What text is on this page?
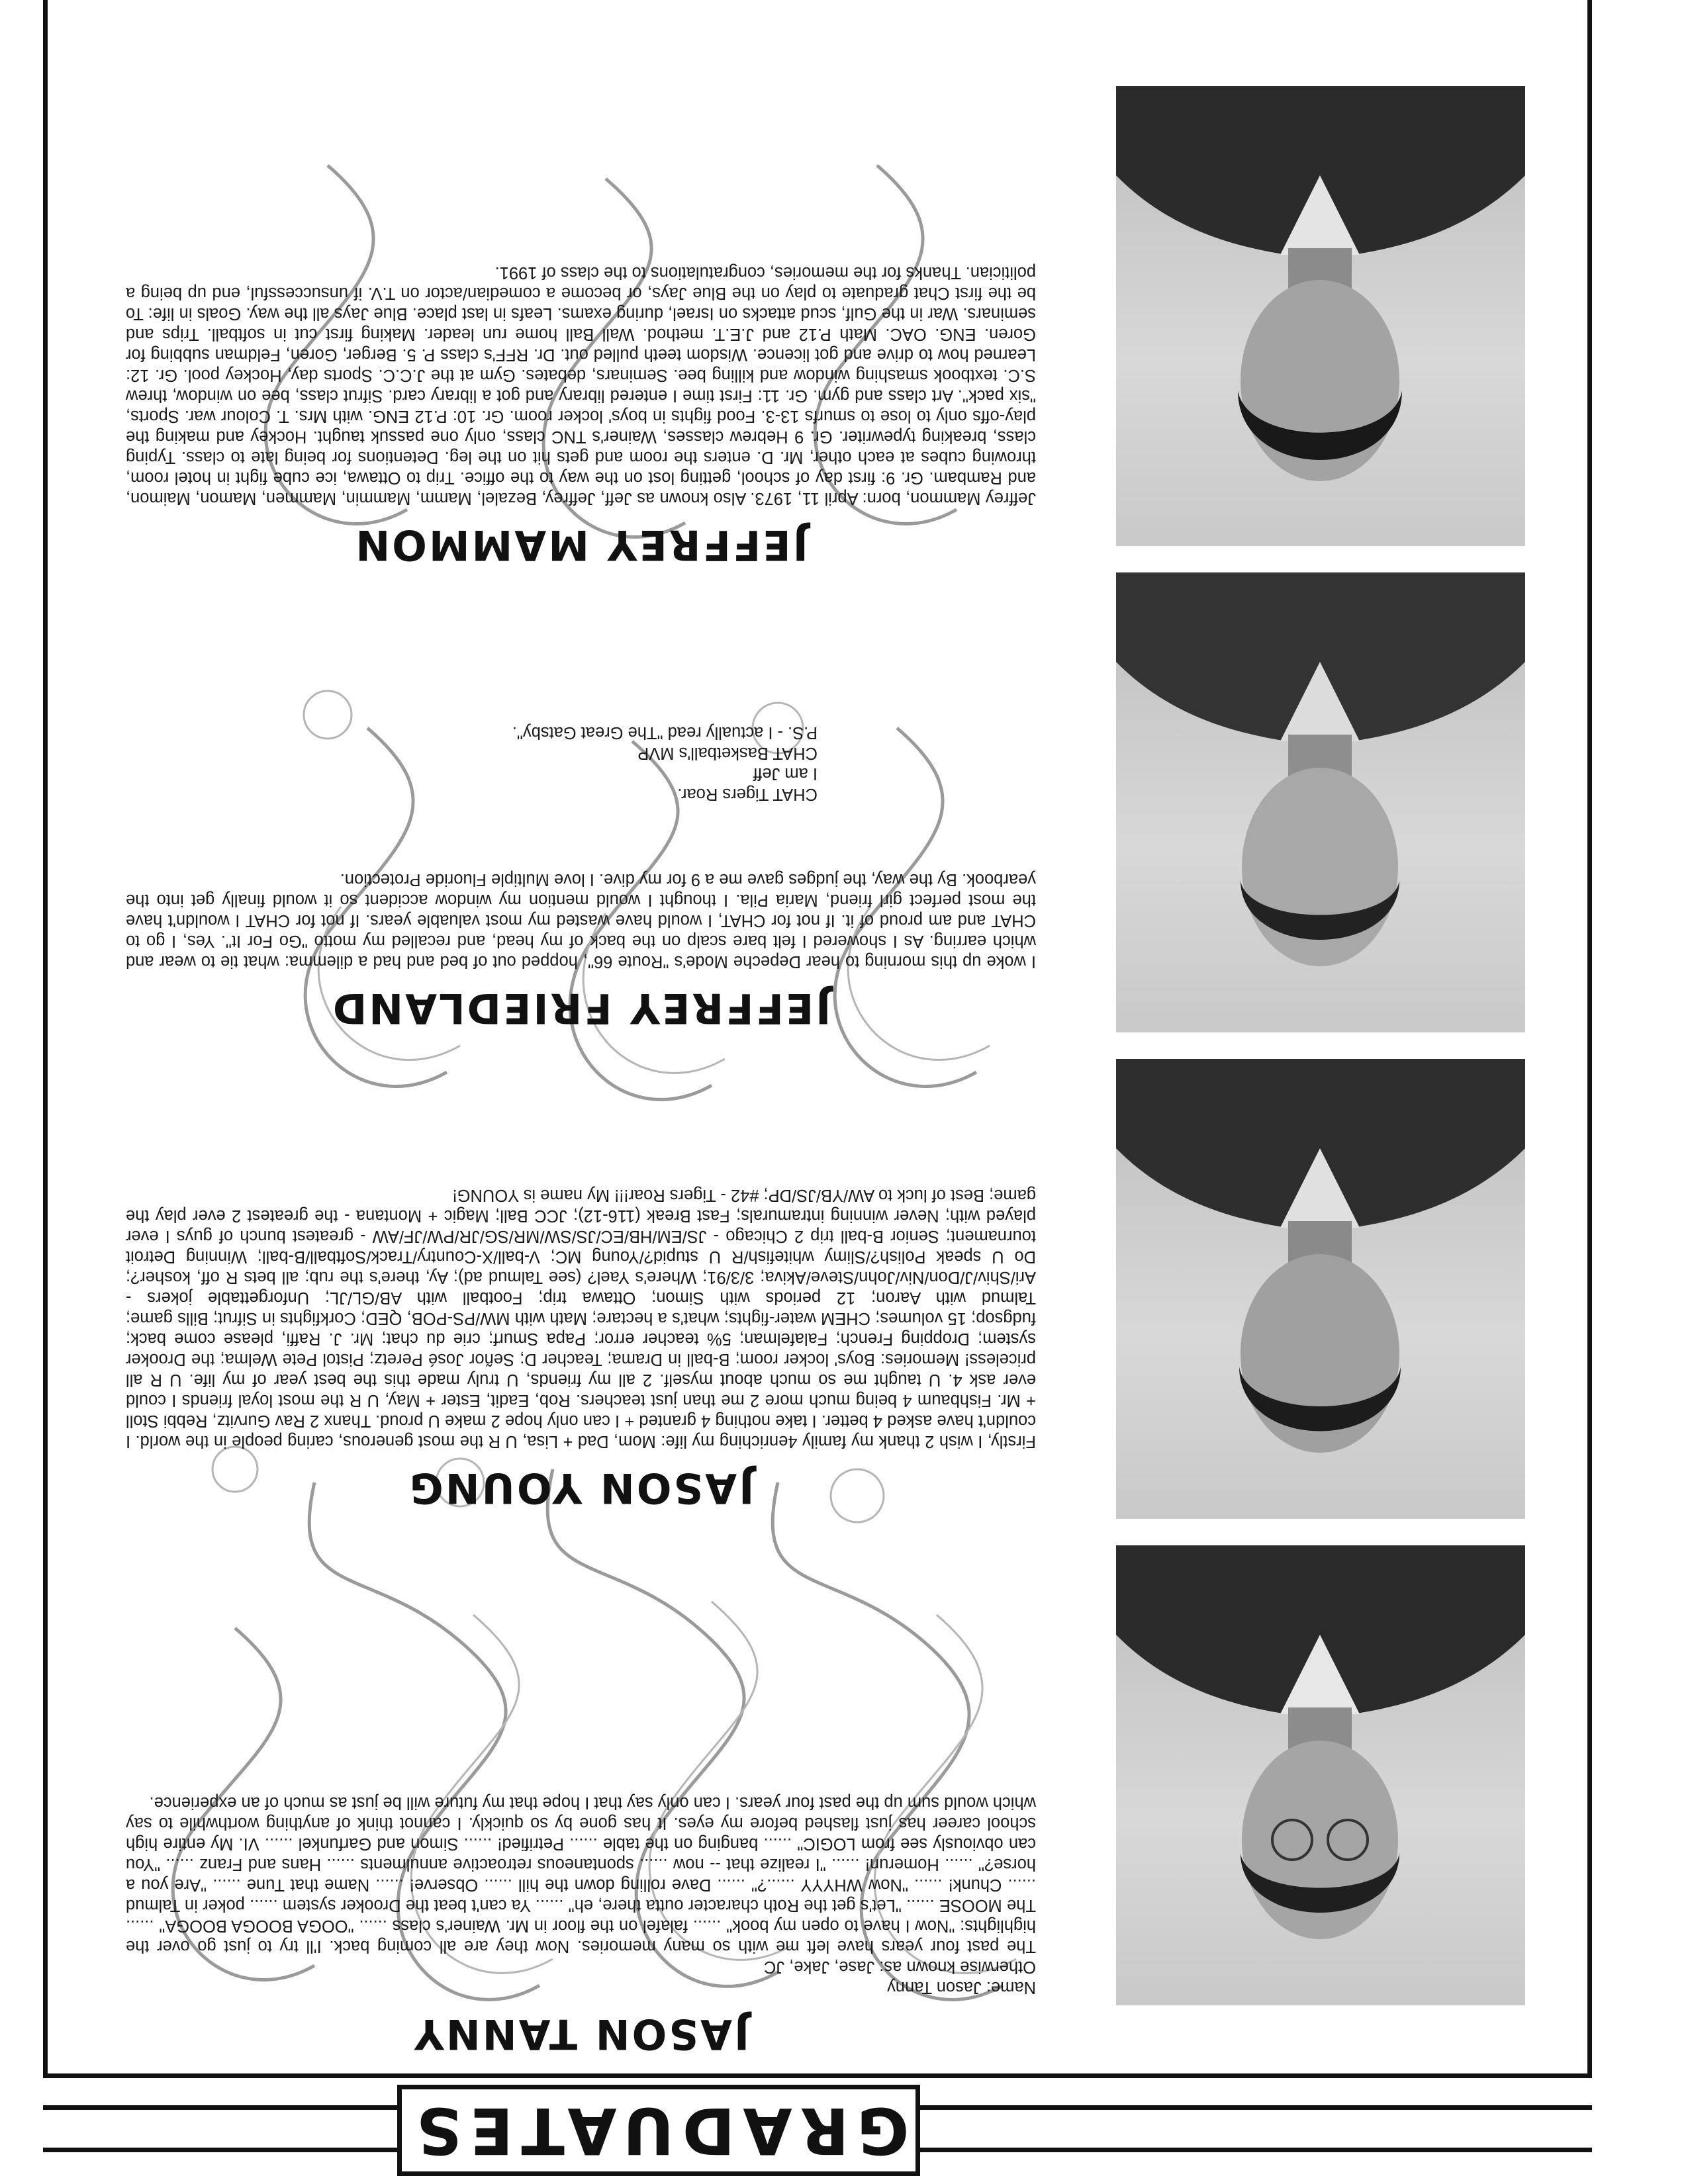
GRADUATES
JASON TANNY
Name: Jason Tanny
Otherwise known as: Jase, Jake, JC
The past four years have left me with so many memories. Now they are all coming back. I'll try to just go over the highlights: "Now I have to open my book" ...... falafel on the floor in Mr. Wainer's class ...... "OOGA BOOGA BOOGA" ...... The MOOSE ...... "Let's get the Roth character outta there, eh" ...... Ya can't beat the Drooker system ...... poker in Talmud ...... Chunk! ...... "Now WHYYY ......?" ...... Dave rolling down the hill ...... Observe! ...... Name that Tune ...... "Are you a horse?" ...... Homerun! ...... "I realize that -- now ...... spontaneous retroactive annulments ...... Hans and Franz ...... "You can obviously see from LOGIC" ...... banging on the table ...... Petrified! ...... Simon and Garfunkel ...... VI. My entire high school career has just flashed before my eyes. It has gone by so quickly. I cannot think of anything worthwhile to say which would sum up the past four years. I can only say that I hope that my future will be just as much of an experience.
JASON YOUNG
Firstly, I wish 2 thank my family 4enriching my life: Mom, Dad + Lisa, U R the most generous, caring people in the world. I couldn't have asked 4 better. I take nothing 4 granted + I can only hope 2 make U proud. Thanx 2 Rav Gurvitz, Rebbi Stoll + Mr. Fishbaum 4 being much more 2 me than just teachers. Rob, Eadit, Ester + May, U R the most loyal friends I could ever ask 4. U taught me so much about myself. 2 all my friends, U truly made this the best year of my life. U R all priceless! Memories: Boys' locker room; B-ball in Drama; Teacher D; Señor José Peretz; Pistol Pete Welma; the Drooker system; Dropping French; Falafelman; 5% teacher error; Papa Smurf; crie du chat; Mr. J. Raffi, please come back; fudgsop; 15 volumes; CHEM water-fights; what's a hectare; Math with MW/PS-POB, QED; Corkfights in Sifrut; Bills game; Talmud with Aaron; 12 periods with Simon; Ottawa trip; Football with AB/GL/JL; Unforgettable jokers - Ari/Shiv/J/Don/Niv/John/Steve/Akiva; 3/3/91; Where's Yael? (see Talmud ad); Ay, there's the rub; all bets R off, kosher?; Do U speak Polish?/Slimy whitefish/R U stupid?/Young MC; V-ball/X-Country/Track/Softball/B-ball; Winning Detroit tournament; Senior B-ball trip 2 Chicago - JS/EM/HB/EC/JS/SW/MR/SG/JR/PW/JF/AW - greatest bunch of guys I ever played with; Never winning intramurals; Fast Break (116-12); JCC Ball; Magic + Montana - the greatest 2 ever play the game; Best of luck to AW/YB/JS/DP; #42 - Tigers Roar!!! My name is YOUNG!
JEFFREY FRIEDLAND
I woke up this morning to hear Depeche Mode's "Route 66", hopped out of bed and had a dilemma: what tie to wear and which earring. As I showered I felt bare scalp on the back of my head, and recalled my motto "Go For It". Yes, I go to CHAT and am proud of it. If not for CHAT, I would have wasted my most valuable years. If not for CHAT I wouldn't have the most perfect girl friend, Maria Pila. I thought I would mention my window accident so it would finally get into the yearbook. By the way, the judges gave me a 9 for my dive. I love Multiple Fluoride Protection.
CHAT Tigers Roar.
I am Jeff
CHAT Basketball's MVP
P.S. - I actually read "The Great Gatsby".
JEFFREY MAMMON
Jeffrey Mammon, born: April 11, 1973. Also known as Jeff, Jeffrey, Bezalel, Mamm, Mammin, Mammen, Mamon, Maimon, and Rambam. Gr. 9: first day of school, getting lost on the way to the office. Trip to Ottawa, ice cube fight in hotel room, throwing cubes at each other, Mr. D. enters the room and gets hit on the leg. Detentions for being late to class. Typing class, breaking typewriter. Gr. 9 Hebrew classes, Wainer's TNC class, only one passuk taught. Hockey and making the play-offs only to lose to smurfs 13-3. Food fights in boys' locker room. Gr. 10: P.12 ENG. with Mrs. T. Colour war. Sports, "six pack". Art class and gym. Gr. 11: First time I entered library and got a library card. Sifrut class, bee on window, threw S.C. textbook smashing window and killing bee. Seminars, debates. Gym at the J.C.C. Sports day, Hockey pool. Gr. 12: Learned how to drive and got licence. Wisdom teeth pulled out. Dr. RFF's class P. 5. Berger, Goren, Feldman subbing for Goren. ENG. OAC. Math P.12 and J.E.T. method. Wall Ball home run leader. Making first cut in softball. Trips and seminars. War in the Gulf, scud attacks on Israel, during exams. Leafs in last place. Blue Jays all the way. Goals in life: To be the first Chat graduate to play on the Blue Jays, or become a comedian/actor on T.V. if unsuccessful, end up being a politician. Thanks for the memories, congratulations to the class of 1991.
